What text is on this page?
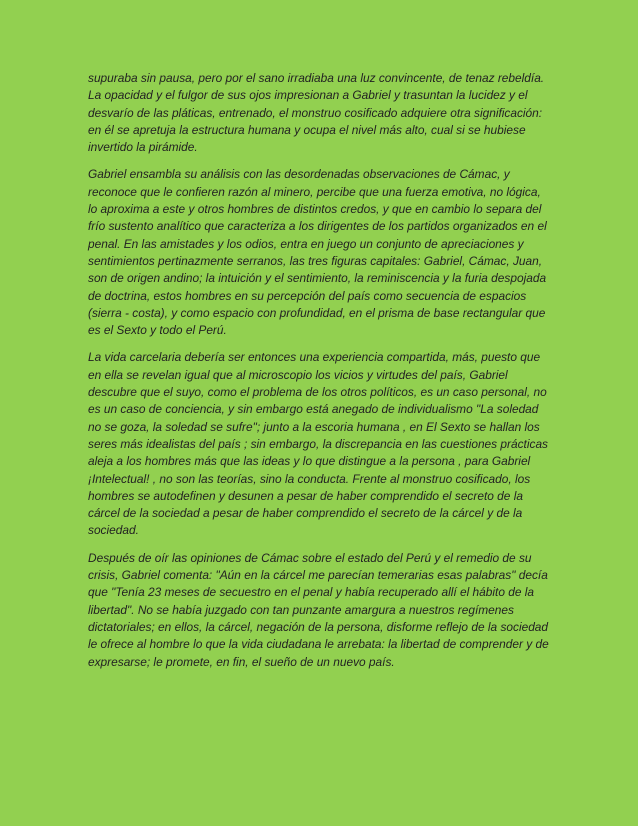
supuraba sin pausa, pero por el sano irradiaba una luz convincente, de tenaz rebeldía. La opacidad y el fulgor de sus ojos impresionan a Gabriel y trasuntan la lucidez y el desvarío de las pláticas, entrenado, el monstruo cosificado adquiere otra significación: en él se apretuja la estructura humana y ocupa el nivel más alto, cual si se hubiese invertido la pirámide.

Gabriel ensambla su análisis con las desordenadas observaciones de Cámac, y reconoce que le confieren razón al minero, percibe que una fuerza emotiva, no lógica, lo aproxima a este y otros hombres de distintos credos, y que en cambio lo separa del frío sustento analítico que caracteriza a los dirigentes de los partidos organizados en el penal. En las amistades y los odios, entra en juego un conjunto de apreciaciones y sentimientos pertinazmente serranos, las tres figuras capitales: Gabriel, Cámac, Juan, son de origen andino; la intuición y el sentimiento, la reminiscencia y la furia despojada de doctrina, estos hombres en su percepción del país como secuencia de espacios (sierra - costa), y como espacio con profundidad, en el prisma de base rectangular que es el Sexto y todo el Perú.

La vida carcelaria debería ser entonces una experiencia compartida, más, puesto que en ella se revelan igual que al microscopio los vicios y virtudes del país, Gabriel descubre que el suyo, como el problema de los otros políticos, es un caso personal, no es un caso de conciencia, y sin embargo está anegado de individualismo "La soledad no se goza, la soledad se sufre"; junto a la escoria humana , en El Sexto se hallan los seres más idealistas del país ; sin embargo, la discrepancia en las cuestiones prácticas aleja a los hombres más que las ideas y lo que distingue a la persona , para Gabriel ¡Intelectual! , no son las teorías, sino la conducta. Frente al monstruo cosificado, los hombres se autodefinen y desunen a pesar de haber comprendido el secreto de la cárcel de la sociedad a pesar de haber comprendido el secreto de la cárcel y de la sociedad.

Después de oír las opiniones de Cámac sobre el estado del Perú y el remedio de su crisis, Gabriel comenta: "Aún en la cárcel me parecían temerarias esas palabras" decía que "Tenía 23 meses de secuestro en el penal y había recuperado allí el hábito de la libertad". No se había juzgado con tan punzante amargura a nuestros regímenes dictatoriales; en ellos, la cárcel, negación de la persona, disforme reflejo de la sociedad le ofrece al hombre lo que la vida ciudadana le arrebata: la libertad de comprender y de expresarse; le promete, en fin, el sueño de un nuevo país.
